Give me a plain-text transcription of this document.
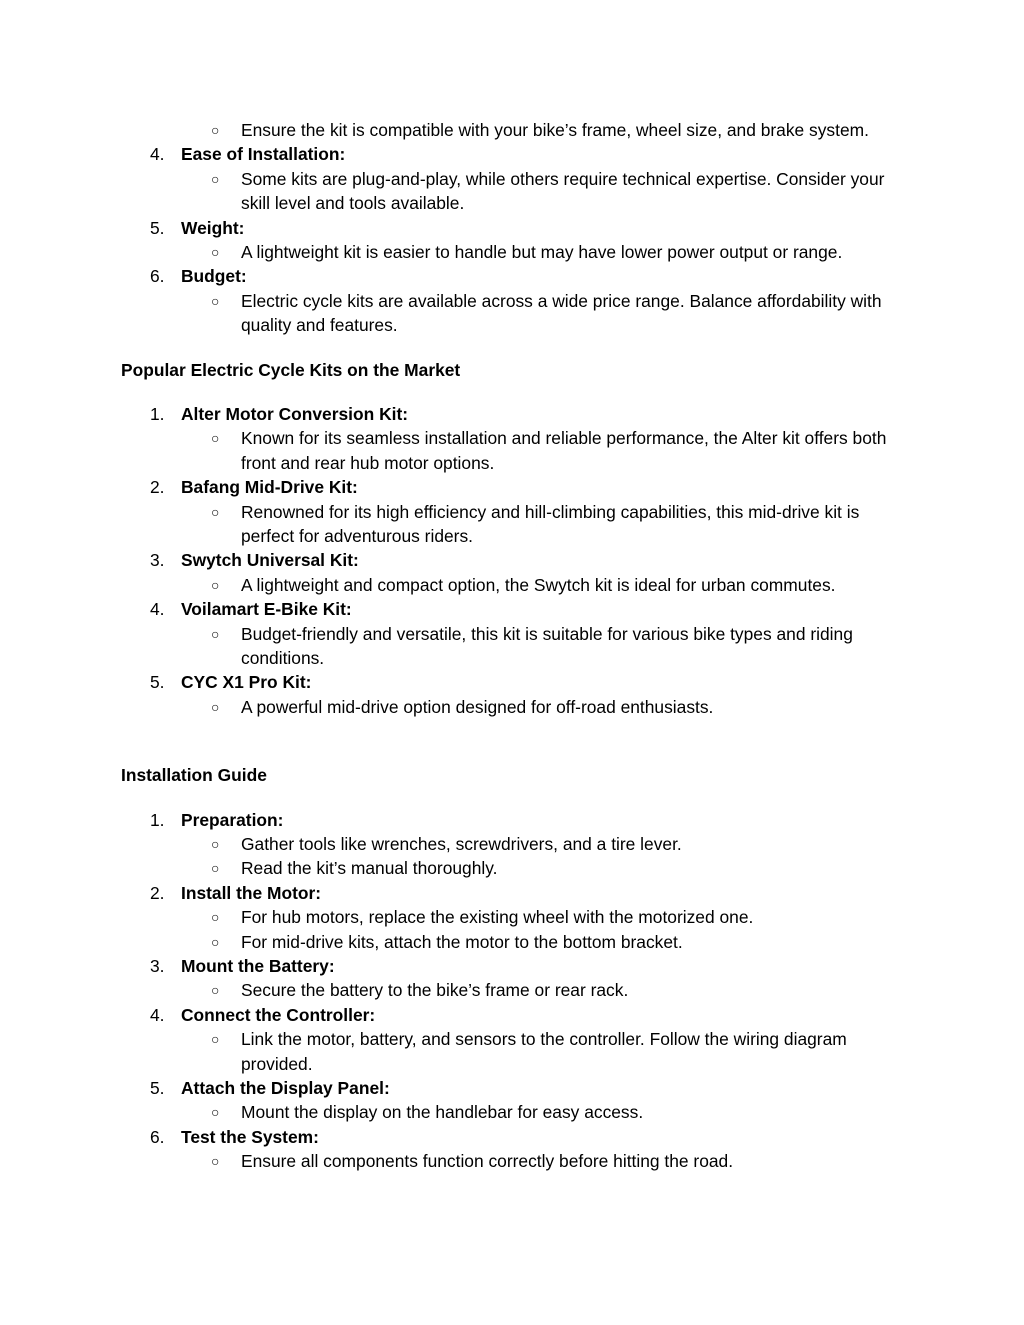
○ Ensure the kit is compatible with your bike’s frame, wheel size, and brake system.
4. Ease of Installation:
○ Some kits are plug-and-play, while others require technical expertise. Consider your skill level and tools available.
5. Weight:
○ A lightweight kit is easier to handle but may have lower power output or range.
6. Budget:
○ Electric cycle kits are available across a wide price range. Balance affordability with quality and features.
Popular Electric Cycle Kits on the Market
1. Alter Motor Conversion Kit:
○ Known for its seamless installation and reliable performance, the Alter kit offers both front and rear hub motor options.
2. Bafang Mid-Drive Kit:
○ Renowned for its high efficiency and hill-climbing capabilities, this mid-drive kit is perfect for adventurous riders.
3. Swytch Universal Kit:
○ A lightweight and compact option, the Swytch kit is ideal for urban commutes.
4. Voilamart E-Bike Kit:
○ Budget-friendly and versatile, this kit is suitable for various bike types and riding conditions.
5. CYC X1 Pro Kit:
○ A powerful mid-drive option designed for off-road enthusiasts.
Installation Guide
1. Preparation:
○ Gather tools like wrenches, screwdrivers, and a tire lever.
○ Read the kit’s manual thoroughly.
2. Install the Motor:
○ For hub motors, replace the existing wheel with the motorized one.
○ For mid-drive kits, attach the motor to the bottom bracket.
3. Mount the Battery:
○ Secure the battery to the bike’s frame or rear rack.
4. Connect the Controller:
○ Link the motor, battery, and sensors to the controller. Follow the wiring diagram provided.
5. Attach the Display Panel:
○ Mount the display on the handlebar for easy access.
6. Test the System:
○ Ensure all components function correctly before hitting the road.
